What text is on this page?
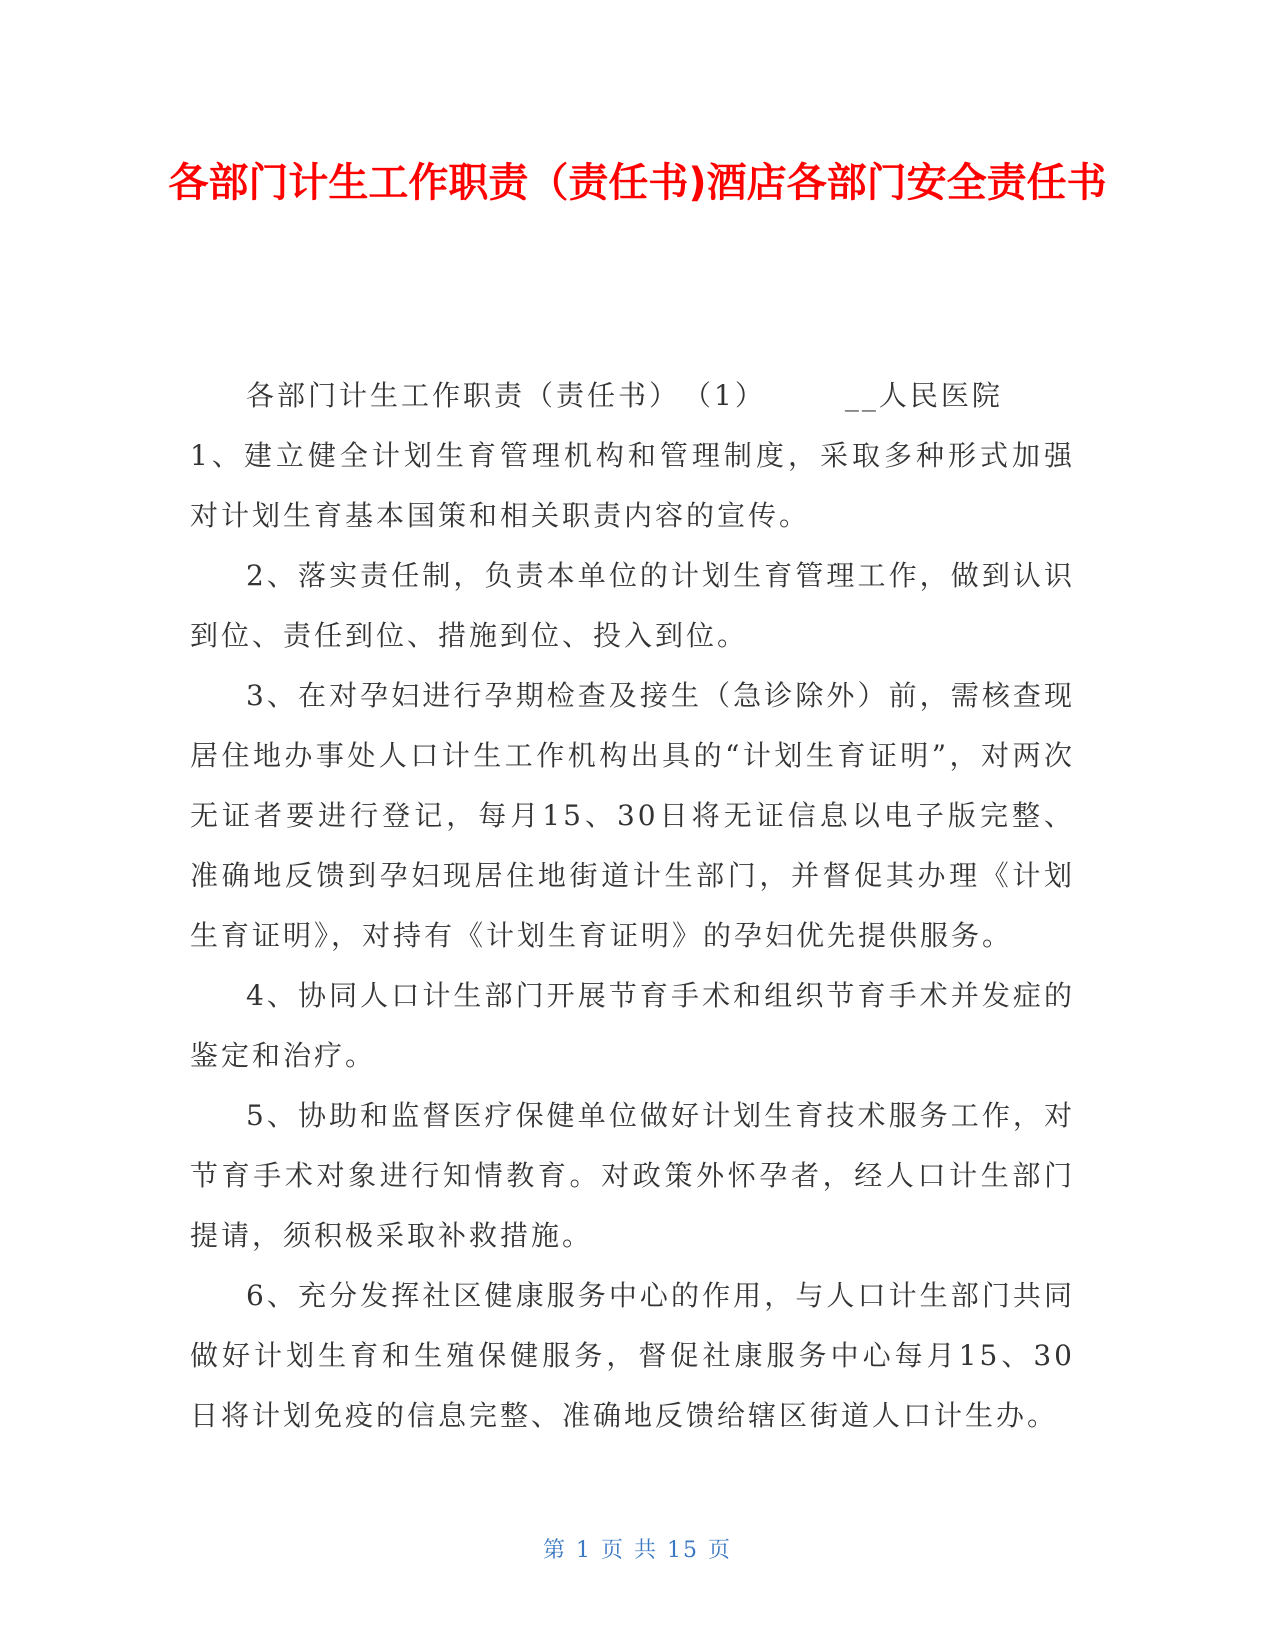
各部门计生工作职责（责任书)酒店各部门安全责任书

各部门计生工作职责（责任书）　（1）　　　__人民医院

1、建立健全计划生育管理机构和管理制度，采取多种形式加强对计划生育基本国策和相关职责内容的宣传。

2、落实责任制，负责本单位的计划生育管理工作，做到认识到位、责任到位、措施到位、投入到位。

3、在对孕妇进行孕期检查及接生（急诊除外）前，需核查现居住地办事处人口计生工作机构出具的“计划生育证明”，对两次无证者要进行登记，每月15、30日将无证信息以电子版完整、准确地反馈到孕妇现居住地街道计生部门，并督促其办理《计划生育证明》，对持有《计划生育证明》的孕妇优先提供服务。

4、协同人口计生部门开展节育手术和组织节育手术并发症的鉴定和治疗。

5、协助和监督医疗保健单位做好计划生育技术服务工作，对节育手术对象进行知情教育。对政策外怀孕者，经人口计生部门提请，须积极采取补救措施。

6、充分发挥社区健康服务中心的作用，与人口计生部门共同做好计划生育和生殖保健服务，督促社康服务中心每月15、30日将计划免疫的信息完整、准确地反馈给辖区街道人口计生办。

第 1 页 共 15 页
